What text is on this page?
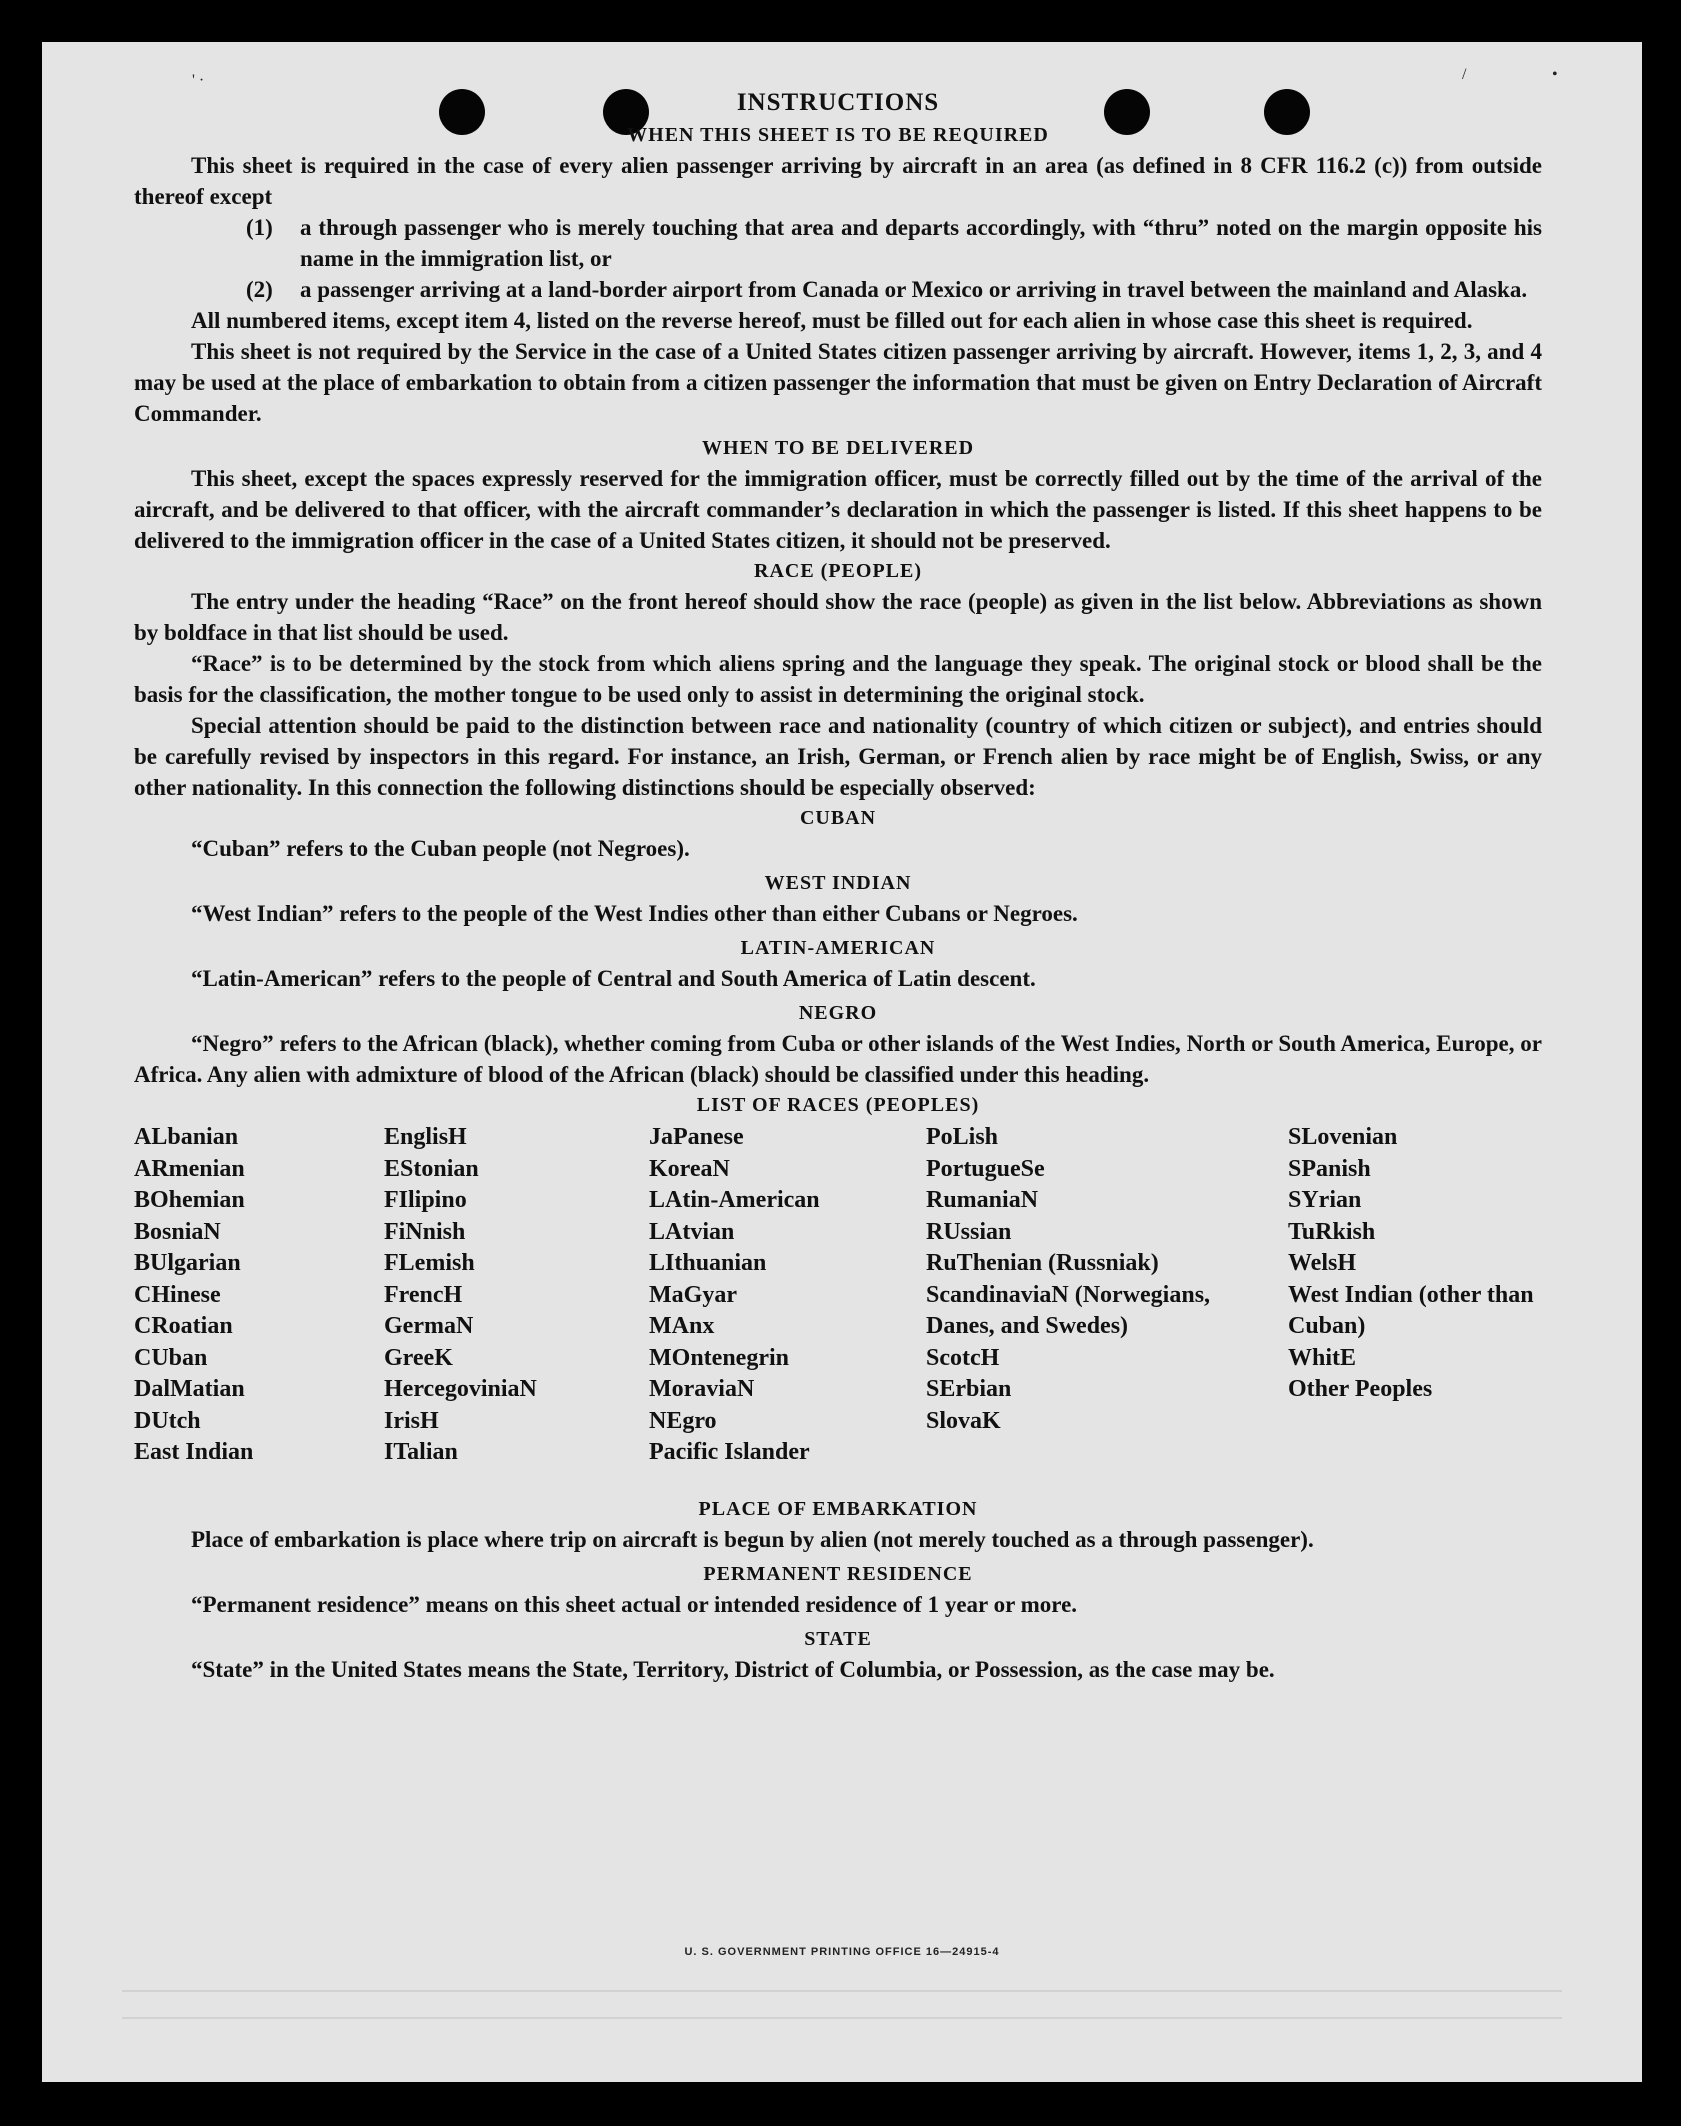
' ·	/	•
INSTRUCTIONS
WHEN THIS SHEET IS TO BE REQUIRED

This sheet is required in the case of every alien passenger arriving by aircraft in an area (as defined in 8 CFR 116.2 (c)) from outside thereof except

(1) a through passenger who is merely touching that area and departs accordingly, with “thru” noted on the margin opposite his name in the immigration list, or
(2) a passenger arriving at a land-border airport from Canada or Mexico or arriving in travel between the mainland and Alaska.

All numbered items, except item 4, listed on the reverse hereof, must be filled out for each alien in whose case this sheet is required.

This sheet is not required by the Service in the case of a United States citizen passenger arriving by aircraft. However, items 1, 2, 3, and 4 may be used at the place of embarkation to obtain from a citizen passenger the information that must be given on Entry Declaration of Aircraft Commander.

WHEN TO BE DELIVERED

This sheet, except the spaces expressly reserved for the immigration officer, must be correctly filled out by the time of the arrival of the aircraft, and be delivered to that officer, with the aircraft commander’s declaration in which the passenger is listed. If this sheet happens to be delivered to the immigration officer in the case of a United States citizen, it should not be preserved.

RACE (PEOPLE)

The entry under the heading “Race” on the front hereof should show the race (people) as given in the list below. Abbreviations as shown by boldface in that list should be used.

“Race” is to be determined by the stock from which aliens spring and the language they speak. The original stock or blood shall be the basis for the classification, the mother tongue to be used only to assist in determining the original stock.

Special attention should be paid to the distinction between race and nationality (country of which citizen or subject), and entries should be carefully revised by inspectors in this regard. For instance, an Irish, German, or French alien by race might be of English, Swiss, or any other nationality. In this connection the following distinctions should be especially observed:

CUBAN

“Cuban” refers to the Cuban people (not Negroes).

WEST INDIAN

“West Indian” refers to the people of the West Indies other than either Cubans or Negroes.

LATIN-AMERICAN

“Latin-American” refers to the people of Central and South America of Latin descent.

NEGRO

“Negro” refers to the African (black), whether coming from Cuba or other islands of the West Indies, North or South America, Europe, or Africa. Any alien with admixture of blood of the African (black) should be classified under this heading.

LIST OF RACES (PEOPLES)
ALbanian
ARmenian
BOhemian
BosniaN
BUlgarian
CHinese
CRoatian
CUban
DalMatian
DUtch
East Indian
EnglisH
EStonian
FIlipino
FiNnish
FLemish
FrencH
GermaN
GreeK
HercegoviniaN
IrisH
ITalian
JaPanese
KoreaN
LAtin-American
LAtvian
LIthuanian
MaGyar
MAnx
MOntenegrin
MoraviaN
NEgro
Pacific Islander
PoLish
PortugueSe
RumaniaN
RUssian
RuThenian (Russniak)
ScandinaviaN (Norwegians, Danes, and Swedes)
ScotcH
SErbian
SlovaK
SLovenian
SPanish
SYrian
TuRkish
WelsH
West Indian (other than Cuban)
WhitE
Other Peoples
PLACE OF EMBARKATION

Place of embarkation is place where trip on aircraft is begun by alien (not merely touched as a through passenger).

PERMANENT RESIDENCE

“Permanent residence” means on this sheet actual or intended residence of 1 year or more.

STATE

“State” in the United States means the State, Territory, District of Columbia, or Possession, as the case may be.

U. S. GOVERNMENT PRINTING OFFICE 16—24915-4
